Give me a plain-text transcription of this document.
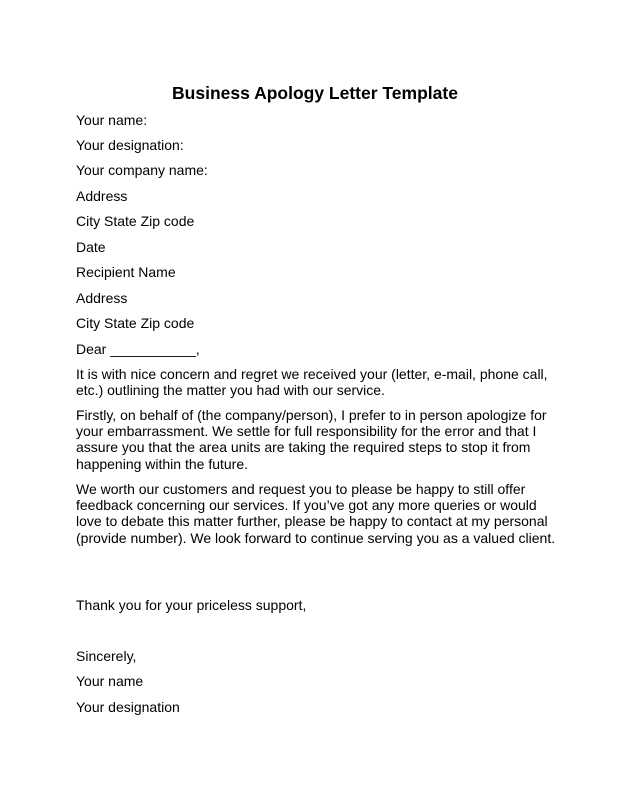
Business Apology Letter Template

Your name:

Your designation:

Your company name:

Address

City State Zip code

Date

Recipient Name

Address

City State Zip code

Dear ___________,

It is with nice concern and regret we received your (letter, e-mail, phone call, etc.) outlining the matter you had with our service.

Firstly, on behalf of (the company/person), I prefer to in person apologize for your embarrassment. We settle for full responsibility for the error and that I assure you that the area units are taking the required steps to stop it from happening within the future.

We worth our customers and request you to please be happy to still offer feedback concerning our services. If you’ve got any more queries or would love to debate this matter further, please be happy to contact at my personal (provide number). We look forward to continue serving you as a valued client.

Thank you for your priceless support,

Sincerely,

Your name

Your designation
